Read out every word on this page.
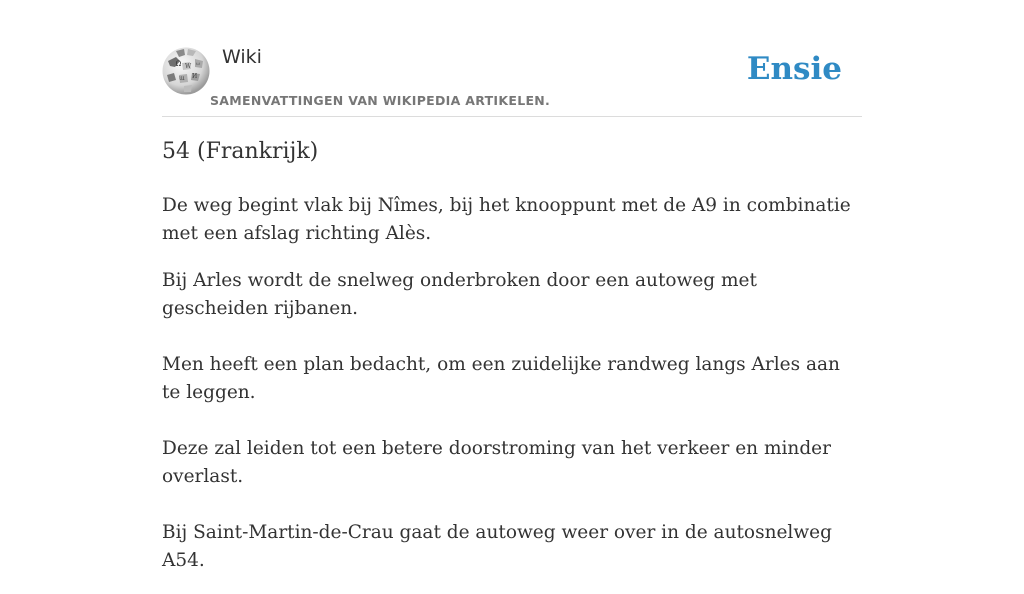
Ω W
И
ɯ
ω Wiki
SAMENVATTINGEN VAN WIKIPEDIA ARTIKELEN.
Ensie
54 (Frankrijk)

De weg begint vlak bij Nîmes, bij het knooppunt met de A9 in combinatie met een afslag richting Alès.

Bij Arles wordt de snelweg onderbroken door een autoweg met gescheiden rijbanen.

Men heeft een plan bedacht, om een zuidelijke randweg langs Arles aan te leggen.

Deze zal leiden tot een betere doorstroming van het verkeer en minder overlast.

Bij Saint-Martin-de-Crau gaat de autoweg weer over in de autosnelweg A54.
